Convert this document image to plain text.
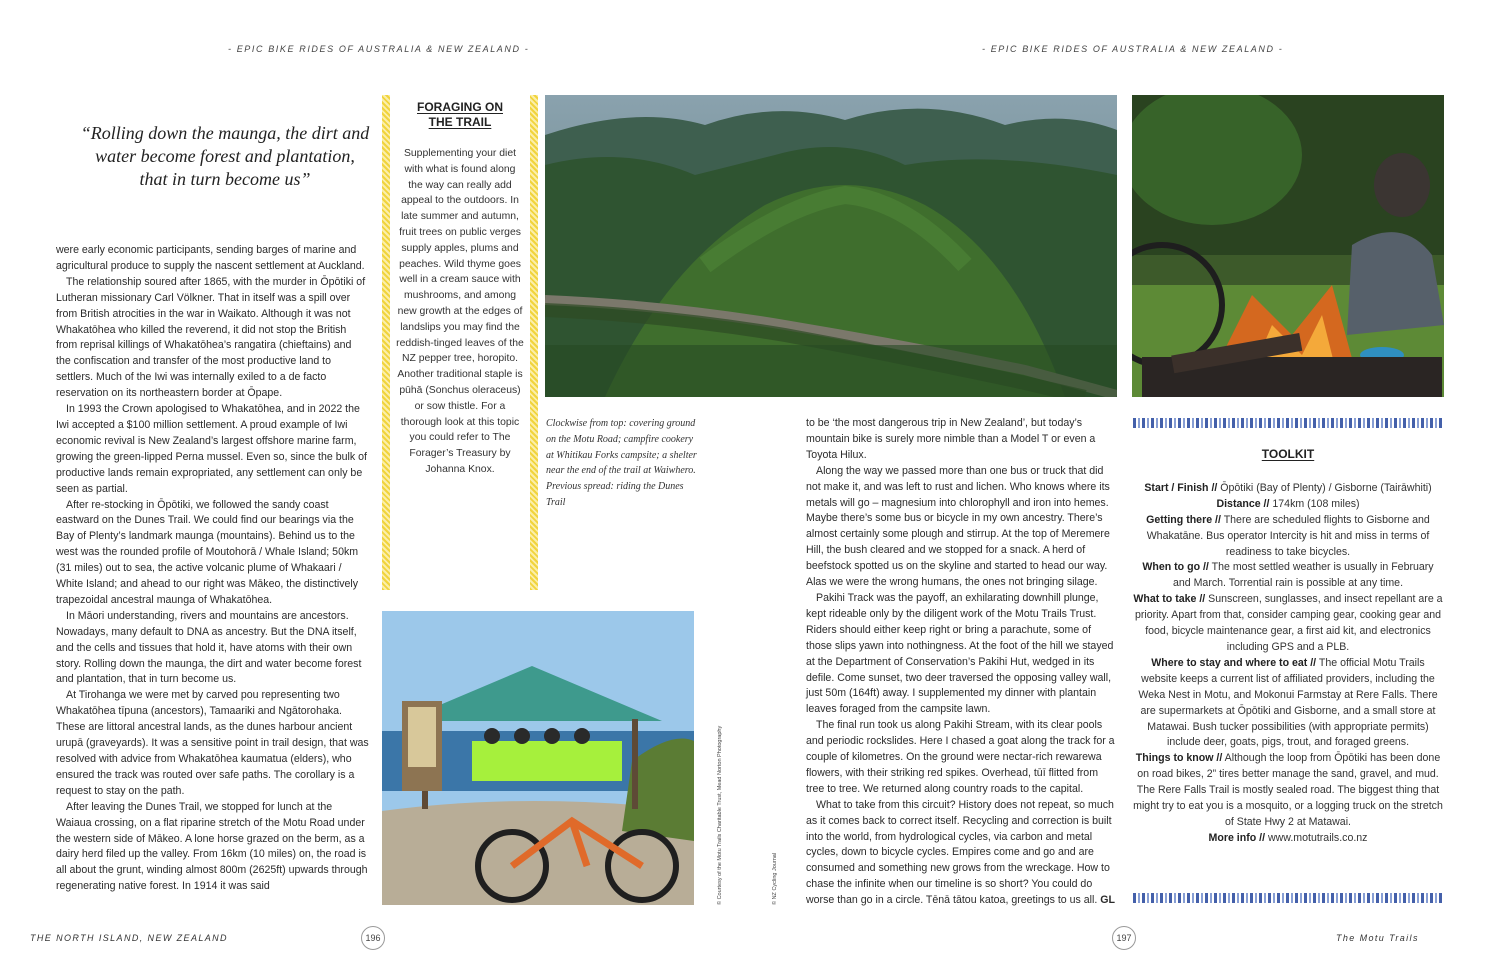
- EPIC BIKE RIDES OF AUSTRALIA & NEW ZEALAND -	- EPIC BIKE RIDES OF AUSTRALIA & NEW ZEALAND -
“Rolling down the maunga, the dirt and water become forest and plantation, that in turn become us”

were early economic participants, sending barges of marine and agricultural produce to supply the nascent settlement at Auckland.

The relationship soured after 1865, with the murder in Ōpōtiki of Lutheran missionary Carl Völkner. That in itself was a spill over from British atrocities in the war in Waikato. Although it was not Whakatōhea who killed the reverend, it did not stop the British from reprisal killings of Whakatōhea’s rangatira (chieftains) and the confiscation and transfer of the most productive land to settlers. Much of the Iwi was internally exiled to a de facto reservation on its northeastern border at Ōpape.

In 1993 the Crown apologised to Whakatōhea, and in 2022 the Iwi accepted a $100 million settlement. A proud example of Iwi economic revival is New Zealand’s largest offshore marine farm, growing the green-lipped Perna mussel. Even so, since the bulk of productive lands remain expropriated, any settlement can only be seen as partial.

After re-stocking in Ōpōtiki, we followed the sandy coast eastward on the Dunes Trail. We could find our bearings via the Bay of Plenty’s landmark maunga (mountains). Behind us to the west was the rounded profile of Moutohorā / Whale Island; 50km (31 miles) out to sea, the active volcanic plume of Whakaari / White Island; and ahead to our right was Mākeo, the distinctively trapezoidal ancestral maunga of Whakatōhea.

In Māori understanding, rivers and mountains are ancestors. Nowadays, many default to DNA as ancestry. But the DNA itself, and the cells and tissues that hold it, have atoms with their own story. Rolling down the maunga, the dirt and water become forest and plantation, that in turn become us.

At Tirohanga we were met by carved pou representing two Whakatōhea tīpuna (ancestors), Tamaariki and Ngātorohaka. These are littoral ancestral lands, as the dunes harbour ancient urupā (graveyards). It was a sensitive point in trail design, that was resolved with advice from Whakatōhea kaumatua (elders), who ensured the track was routed over safe paths. The corollary is a request to stay on the path.

After leaving the Dunes Trail, we stopped for lunch at the Waiaua crossing, on a flat riparine stretch of the Motu Road under the western side of Mākeo. A lone horse grazed on the berm, as a dairy herd filed up the valley. From 16km (10 miles) on, the road is all about the grunt, winding almost 800m (2625ft) upwards through regenerating native forest. In 1914 it was said

FORAGING ON
THE TRAIL
Supplementing your diet with what is found along the way can really add appeal to the outdoors. In late summer and autumn, fruit trees on public verges supply apples, plums and peaches. Wild thyme goes well in a cream sauce with mushrooms, and among new growth at the edges of landslips you may find the reddish-tinged leaves of the NZ pepper tree, horopito. Another traditional staple is pūhā (Sonchus oleraceus) or sow thistle. For a thorough look at this topic you could refer to The Forager’s Treasury by Johanna Knox.
Clockwise from top: covering ground on the Motu Road; campfire cookery at Whitikau Forks campsite; a shelter near the end of the trail at Waiwhero. Previous spread: riding the Dunes Trail
© Courtesy of the Motu Trails Charitable Trust, Mead Norton Photography	© NZ Cycling Journal

to be ‘the most dangerous trip in New Zealand’, but today’s mountain bike is surely more nimble than a Model T or even a Toyota Hilux.

Along the way we passed more than one bus or truck that did not make it, and was left to rust and lichen. Who knows where its metals will go – magnesium into chlorophyll and iron into hemes. Maybe there’s some bus or bicycle in my own ancestry. There’s almost certainly some plough and stirrup. At the top of Meremere Hill, the bush cleared and we stopped for a snack. A herd of beefstock spotted us on the skyline and started to head our way. Alas we were the wrong humans, the ones not bringing silage.

Pakihi Track was the payoff, an exhilarating downhill plunge, kept rideable only by the diligent work of the Motu Trails Trust. Riders should either keep right or bring a parachute, some of those slips yawn into nothingness. At the foot of the hill we stayed at the Department of Conservation’s Pakihi Hut, wedged in its defile. Come sunset, two deer traversed the opposing valley wall, just 50m (164ft) away. I supplemented my dinner with plantain leaves foraged from the campsite lawn.

The final run took us along Pakihi Stream, with its clear pools and periodic rockslides. Here I chased a goat along the track for a couple of kilometres. On the ground were nectar-rich rewarewa flowers, with their striking red spikes. Overhead, tūī flitted from tree to tree. We returned along country roads to the capital.

What to take from this circuit? History does not repeat, so much as it comes back to correct itself. Recycling and correction is built into the world, from hydrological cycles, via carbon and metal cycles, down to bicycle cycles. Empires come and go and are consumed and something new grows from the wreckage. How to chase the infinite when our timeline is so short? You could do worse than go in a circle. Tēnā tātou katoa, greetings to us all. GL

TOOLKIT
Start / Finish // Ōpōtiki (Bay of Plenty) / Gisborne (Tairāwhiti)
Distance // 174km (108 miles)
Getting there // There are scheduled flights to Gisborne and Whakatāne. Bus operator Intercity is hit and miss in terms of readiness to take bicycles.
When to go // The most settled weather is usually in February and March. Torrential rain is possible at any time.
What to take // Sunscreen, sunglasses, and insect repellant are a priority. Apart from that, consider camping gear, cooking gear and food, bicycle maintenance gear, a first aid kit, and electronics including GPS and a PLB.
Where to stay and where to eat // The official Motu Trails website keeps a current list of affiliated providers, including the Weka Nest in Motu, and Mokonui Farmstay at Rere Falls. There are supermarkets at Ōpōtiki and Gisborne, and a small store at Matawai. Bush tucker possibilities (with appropriate permits) include deer, goats, pigs, trout, and foraged greens.
Things to know // Although the loop from Ōpōtiki has been done on road bikes, 2” tires better manage the sand, gravel, and mud. The Rere Falls Trail is mostly sealed road. The biggest thing that might try to eat you is a mosquito, or a logging truck on the stretch of State Hwy 2 at Matawai.
More info // www.motutrails.co.nz
THE NORTH ISLAND, NEW ZEALAND	196	197	The Motu Trails
